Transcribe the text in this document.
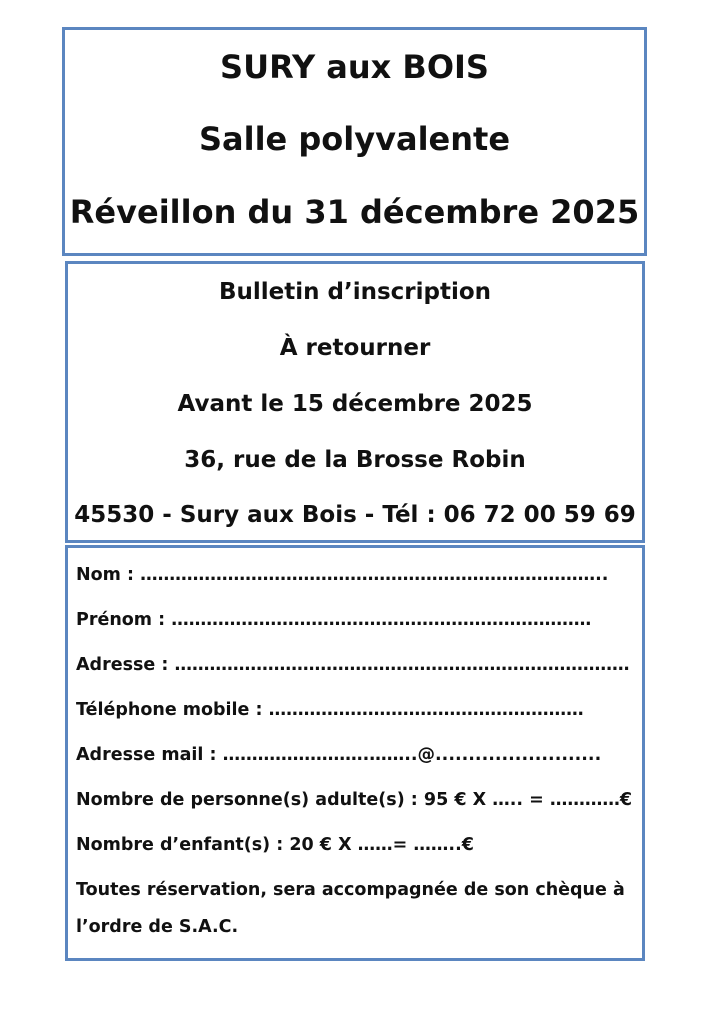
SURY aux BOIS
Salle polyvalente
Réveillon du 31 décembre 2025
Bulletin d’inscription
À retourner
Avant le 15 décembre 2025
36, rue de la Brosse Robin
45530 - Sury aux Bois - Tél : 06 72 00 59 69
Nom : ……………………………………………………………………..
Prénom : ………………………………………………………………
Adresse : ……………………………………………………………………
Téléphone mobile : ………………………………………………
Adresse mail : …………………….……..@.........................
Nombre de personne(s) adulte(s) : 95 € X ….. = …………€
Nombre d’enfant(s) : 20 € X ……= ……..€
Toutes réservation, sera accompagnée de son chèque à
l’ordre de S.A.C.
